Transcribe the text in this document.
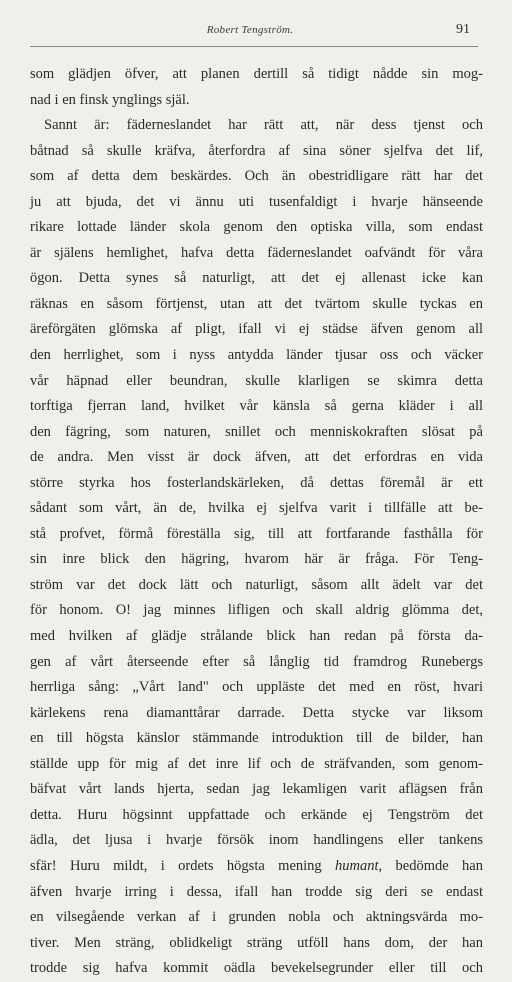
Robert Tengström.	91
som glädjen öfver, att planen dertill så tidigt nådde sin mog-
nad i en finsk ynglings själ.
Sannt är: fäderneslandet har rätt att, när dess tjenst och
båtnad så skulle kräfva, återfordra af sina söner sjelfva det lif,
som af detta dem beskärdes. Och än obestridligare rätt har det
ju att bjuda, det vi ännu uti tusenfaldigt i hvarje hänseende
rikare lottade länder skola genom den optiska villa, som endast
är själens hemlighet, hafva detta fäderneslandet oafvändt för våra
ögon. Detta synes så naturligt, att det ej allenast icke kan
räknas en såsom förtjenst, utan att det tvärtom skulle tyckas en
äreförgäten glömska af pligt, ifall vi ej städse äfven genom all
den herrlighet, som i nyss antydda länder tjusar oss och väcker
vår häpnad eller beundran, skulle klarligen se skimra detta
torftiga fjerran land, hvilket vår känsla så gerna kläder i all
den fägring, som naturen, snillet och menniskokraften slösat på
de andra. Men visst är dock äfven, att det erfordras en vida
större styrka hos fosterlandskärleken, då dettas föremål är ett
sådant som vårt, än de, hvilka ej sjelfva varit i tillfälle att be-
stå profvet, förmå föreställa sig, till att fortfarande fasthålla för
sin inre blick den hägring, hvarom här är fråga. För Teng-
ström var det dock lätt och naturligt, såsom allt ädelt var det
för honom. O! jag minnes lifligen och skall aldrig glömma det,
med hvilken af glädje strålande blick han redan på första da-
gen af vårt återseende efter så långlig tid framdrog Runebergs
herrliga sång: „Vårt land" och uppläste det med en röst, hvari
kärlekens rena diamanttårar darrade. Detta stycke var liksom
en till högsta känslor stämmande introduktion till de bilder, han
ställde upp för mig af det inre lif och de sträfvanden, som genom-
bäfvat vårt lands hjerta, sedan jag lekamligen varit aflägsen från
detta. Huru högsinnt uppfattade och erkände ej Tengström det
ädla, det ljusa i hvarje försök inom handlingens eller tankens
sfär! Huru mildt, i ordets högsta mening humant, bedömde han
äfven hvarje irring i dessa, ifall han trodde sig deri se endast
en vilsegående verkan af i grunden nobla och aktningsvärda mo-
tiver. Men sträng, oblidkeligt sträng utföll hans dom, der han
trodde sig hafva kommit oädla bevekelsegrunder eller till och
